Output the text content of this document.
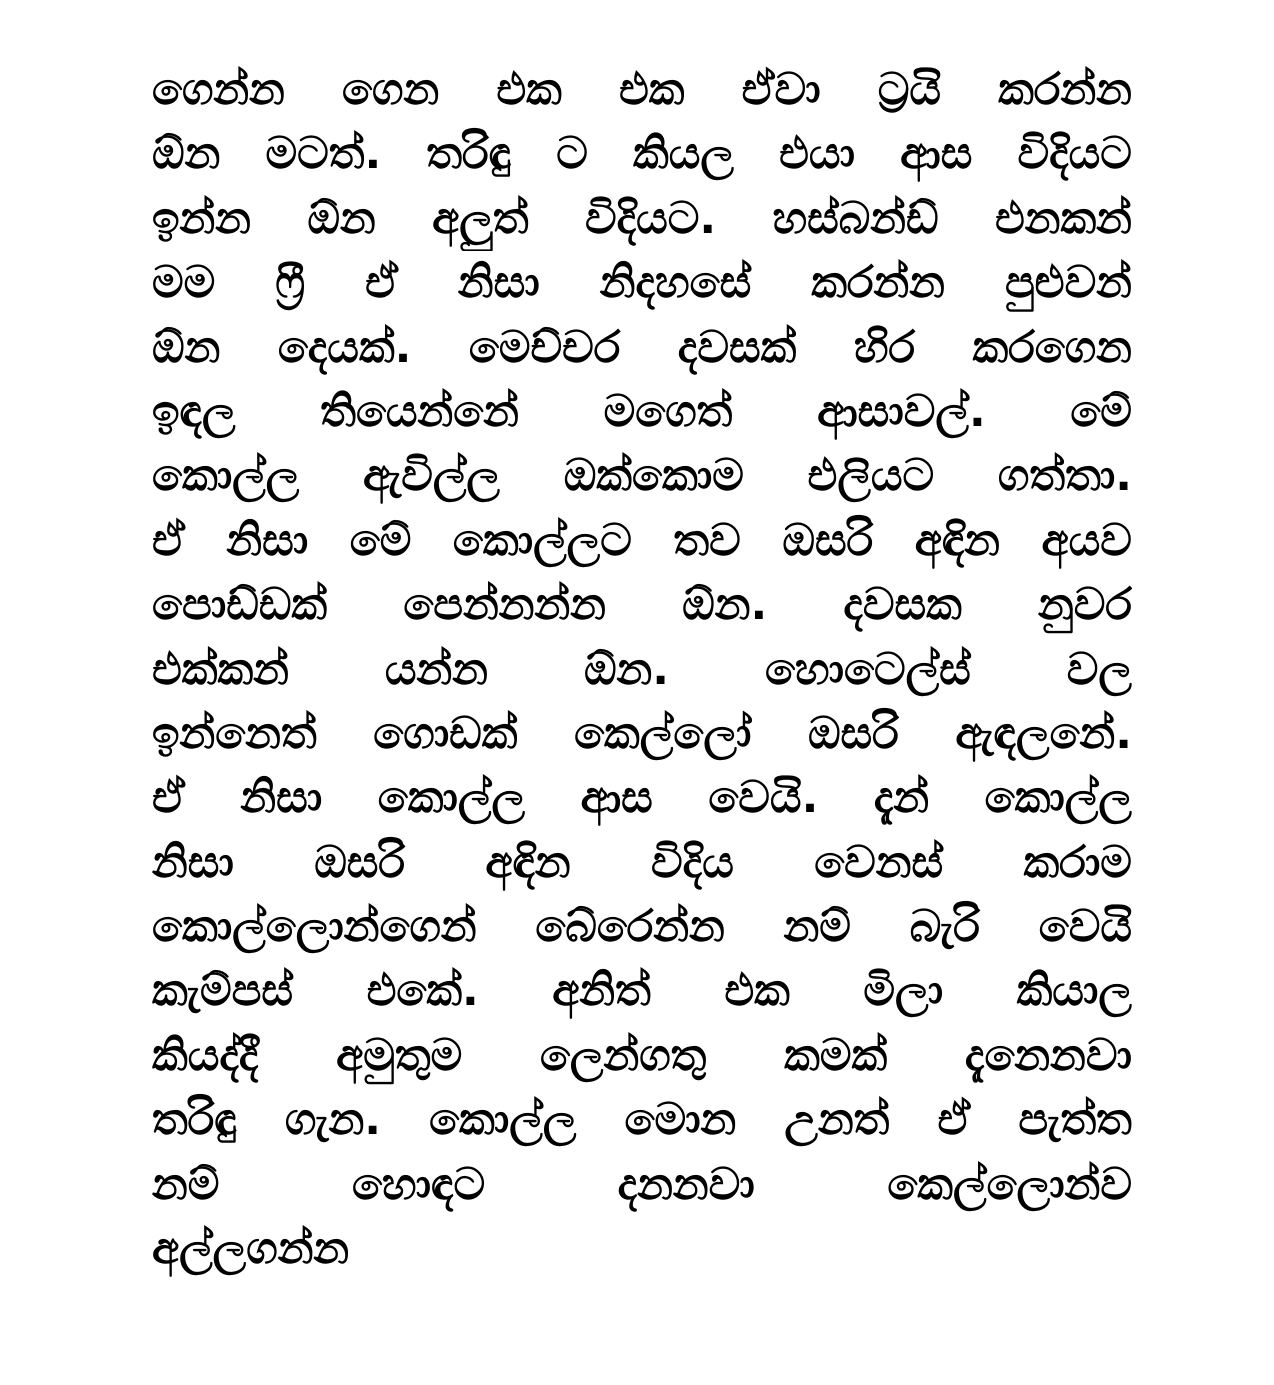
ගෙන්න ගෙන එක එක ඒවා ට්‍රයි කරන්න
ඕන මටත්. තරිඳු ට කියල එයා ආස විදියට
ඉන්න ඕන අලුත් විදියට. හස්බන්ඩ් එනකන්
මම ෆ්‍රී ඒ නිසා නිදහසේ කරන්න පුළුවන්
ඕන දෙයක්. මෙච්චර දවසක් හිර කරගෙන
ඉඳල තියෙන්නේ මගෙත් ආසාවල්. මේ
කොල්ල ඇවිල්ල ඔක්කොම එලියට ගත්තා.
ඒ නිසා මේ කොල්ලට තව ඔසරි අඳින අයව
පොඩ්ඩක් පෙන්නන්න ඕන. දවසක නුවර
එක්කන් යන්න ඕන. හොටෙල්ස් වල
ඉන්නෙත් ගොඩක් කෙල්ලෝ ඔසරි ඇඳලනේ.
ඒ නිසා කොල්ල ආස වෙයි. දැන් කොල්ල
නිසා ඔසරි අඳින විදිය වෙනස් කරාම
කොල්ලොන්ගෙන් බේරෙන්න නම් බැරි වෙයි
කැම්පස් එකේ. අනිත් එක මිලා කියාල
කියද්දී අමුතුම ලෙන්ගතු කමක් දැනෙනවා
තරිඳු ගැන. කොල්ල මොන උනත් ඒ පැත්ත
නම්	හොඳට	දනනවා	කෙල්ලොන්ව
අල්ලගන්න
